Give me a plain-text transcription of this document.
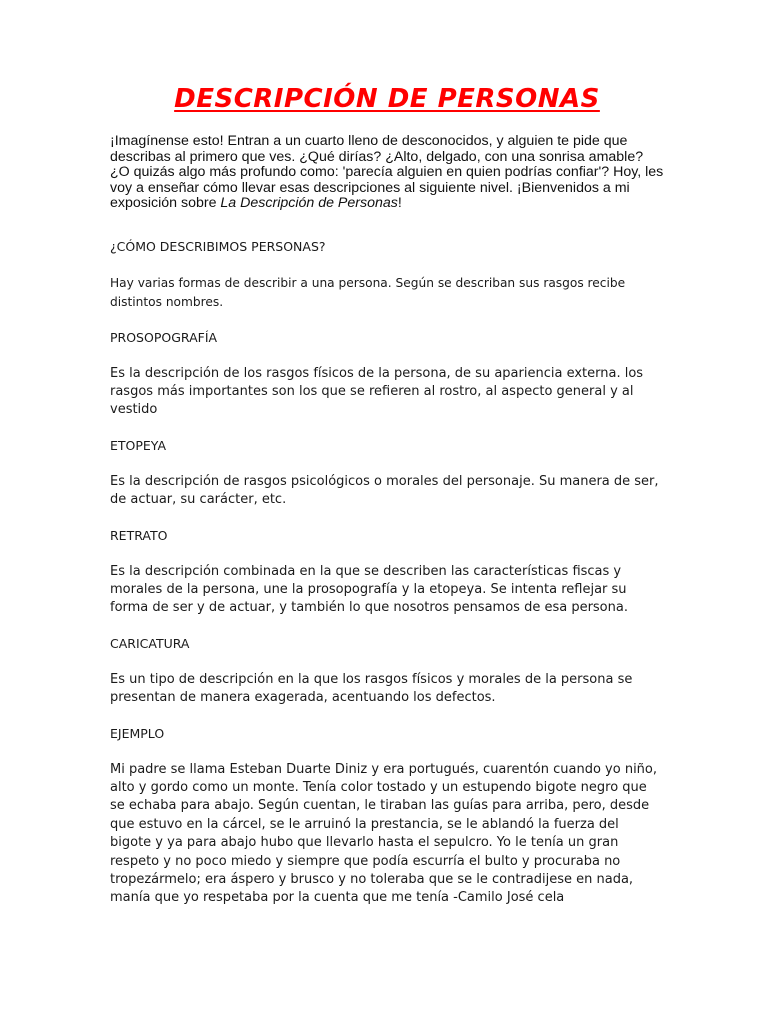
DESCRIPCIÓN DE PERSONAS

¡Imagínense esto! Entran a un cuarto lleno de desconocidos, y alguien te pide que describas al primero que ves. ¿Qué dirías? ¿Alto, delgado, con una sonrisa amable? ¿O quizás algo más profundo como: 'parecía alguien en quien podrías confiar'? Hoy, les voy a enseñar cómo llevar esas descripciones al siguiente nivel. ¡Bienvenidos a mi exposición sobre La Descripción de Personas!

¿CÓMO DESCRIBIMOS PERSONAS?

Hay varias formas de describir a una persona. Según se describan sus rasgos recibe distintos nombres.

PROSOPOGRAFÍA

Es la descripción de los rasgos físicos de la persona, de su apariencia externa. los rasgos más importantes son los que se refieren al rostro, al aspecto general y al vestido

ETOPEYA

Es la descripción de rasgos psicológicos o morales del personaje. Su manera de ser, de actuar, su carácter, etc.

RETRATO

Es la descripción combinada en la que se describen las características fiscas y morales de la persona, une la prosopografía y la etopeya. Se intenta reflejar su forma de ser y de actuar, y también lo que nosotros pensamos de esa persona.

CARICATURA

Es un tipo de descripción en la que los rasgos físicos y morales de la persona se presentan de manera exagerada, acentuando los defectos.

EJEMPLO

Mi padre se llama Esteban Duarte Diniz y era portugués, cuarentón cuando yo niño, alto y gordo como un monte. Tenía color tostado y un estupendo bigote negro que se echaba para abajo. Según cuentan, le tiraban las guías para arriba, pero, desde que estuvo en la cárcel, se le arruinó la prestancia, se le ablandó la fuerza del bigote y ya para abajo hubo que llevarlo hasta el sepulcro. Yo le tenía un gran respeto y no poco miedo y siempre que podía escurría el bulto y procuraba no tropezármelo; era áspero y brusco y no toleraba que se le contradijese en nada, manía que yo respetaba por la cuenta que me tenía -Camilo José cela
